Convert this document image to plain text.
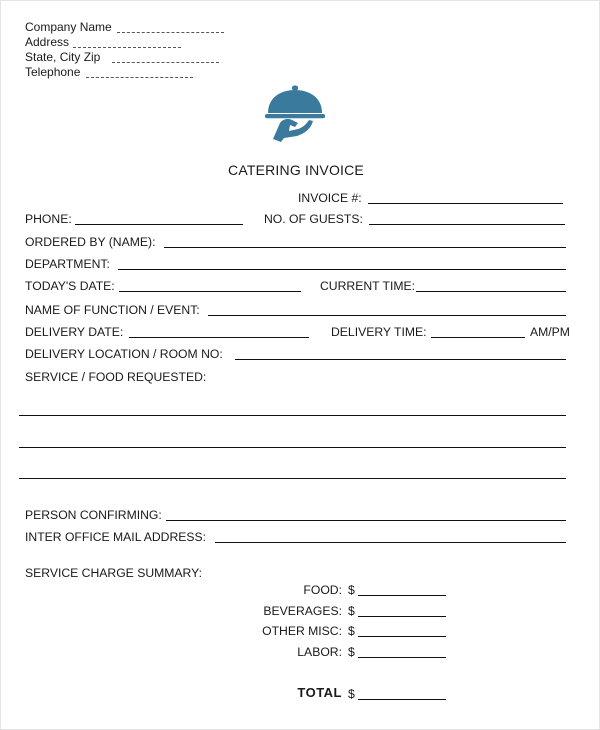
Company Name
Address
State, City Zip
Telephone
CATERING INVOICE
INVOICE #:
PHONE:	NO. OF GUESTS:
ORDERED BY (NAME):
DEPARTMENT:
TODAY'S DATE:	CURRENT TIME:
NAME OF FUNCTION / EVENT:
DELIVERY DATE:	DELIVERY TIME:	AM/PM
DELIVERY LOCATION / ROOM NO:
SERVICE / FOOD REQUESTED:
PERSON CONFIRMING:
INTER OFFICE MAIL ADDRESS:
SERVICE CHARGE SUMMARY:
FOOD: $
BEVERAGES: $
OTHER MISC: $
LABOR: $
TOTAL $
